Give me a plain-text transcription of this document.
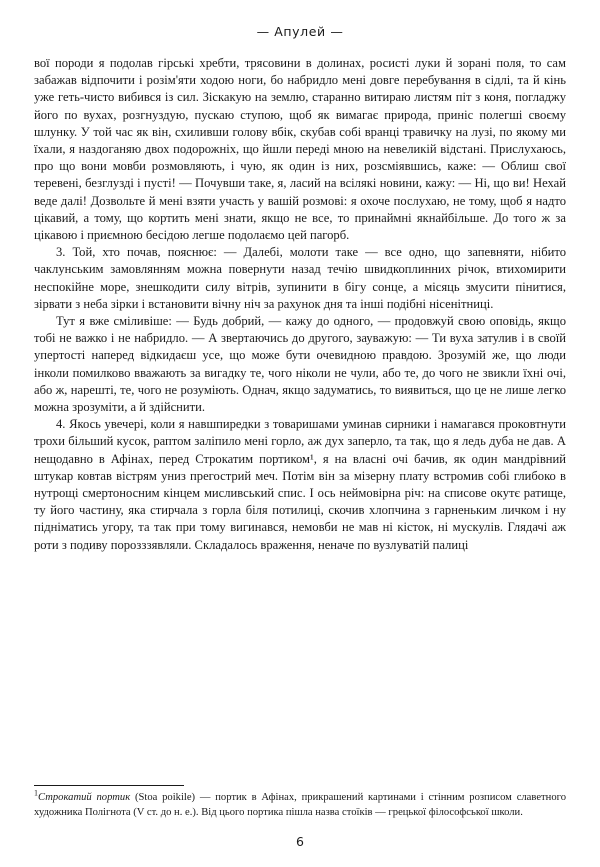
— Апулей —

вої породи я подолав гірські хребти, трясовини в долинах, росисті луки й зорані поля, то сам забажав відпочити і розім'яти ходою ноги, бо набридло мені довге перебування в сідлі, та й кінь уже геть-чисто вибився із сил. Зіскакую на землю, старанно витираю листям піт з коня, погладжу його по вухах, розгнуздую, пускаю ступою, щоб як вимагає природа, приніс полегші своєму шлунку. У той час як він, схиливши голову вбік, скубав собі вранці травичку на лузі, по якому ми їхали, я наздоганяю двох подорожніх, що йшли переді мною на невеликій відстані. Прислухаюсь, про що вони мовби розмовляють, і чую, як один із них, розсміявшись, каже: — Облиш свої теревені, безглузді і пусті! — Почувши таке, я, ласий на всілякі новини, кажу: — Ні, що ви! Нехай веде далі! Дозвольте й мені взяти участь у вашій розмові: я охоче послухаю, не тому, щоб я надто цікавий, а тому, що кортить мені знати, якщо не все, то принаймні якнайбільше. До того ж за цікавою і приємною бесідою легше подолаємо цей пагорб.

3. Той, хто почав, пояснює: — Далебі, молоти таке — все одно, що запевняти, нібито чаклунським замовлянням можна повернути назад течію швидкоплинних річок, втихомирити неспокійне море, знешкодити силу вітрів, зупинити в бігу сонце, а місяць змусити пінитися, зірвати з неба зірки і встановити вічну ніч за рахунок дня та інші подібні нісенітниці.

Тут я вже сміливіше: — Будь добрий, — кажу до одного, — продовжуй свою оповідь, якщо тобі не важко і не набридло. — А звертаючись до другого, зауважую: — Ти вуха затулив і в своїй упертості наперед відкидаєш усе, що може бути очевидною правдою. Зрозумій же, що люди інколи помилково вважають за вигадку те, чого ніколи не чули, або те, до чого не звикли їхні очі, або ж, нарешті, те, чого не розуміють. Однач, якщо задуматись, то виявиться, що це не лише легко можна зрозуміти, а й здійснити.

4. Якось увечері, коли я навшпиредки з товаришами уминав сирники і намагався проковтнути трохи більший кусок, раптом заліпило мені горло, аж дух заперло, та так, що я ледь дуба не дав. А нещодавно в Афінах, перед Строкатим портиком¹, я на власні очі бачив, як один мандрівний штукар ковтав вістрям униз прегострий меч. Потім він за мізерну плату встромив собі глибоко в нутрощі смертоносним кінцем мисливський спис. І ось неймовірна річ: на списове окутє ратище, ту його частину, яка стирчала з горла біля потилиці, скочив хлопчина з гарненьким личком і ну підніматись угору, та так при тому вигинався, немовби не мав ні кісток, ні мускулів. Глядачі аж роти з подиву порозззявляли. Складалось враження, неначе по вузлуватій палиці

$^1$Строкатий портик (Stoa poikile) — портик в Афінах, прикрашений картинами і стінним розписом славетного художника Полігнота (V ст. до н. е.). Від цього портика пішла назва стоїків — грецької філософської школи.

6
